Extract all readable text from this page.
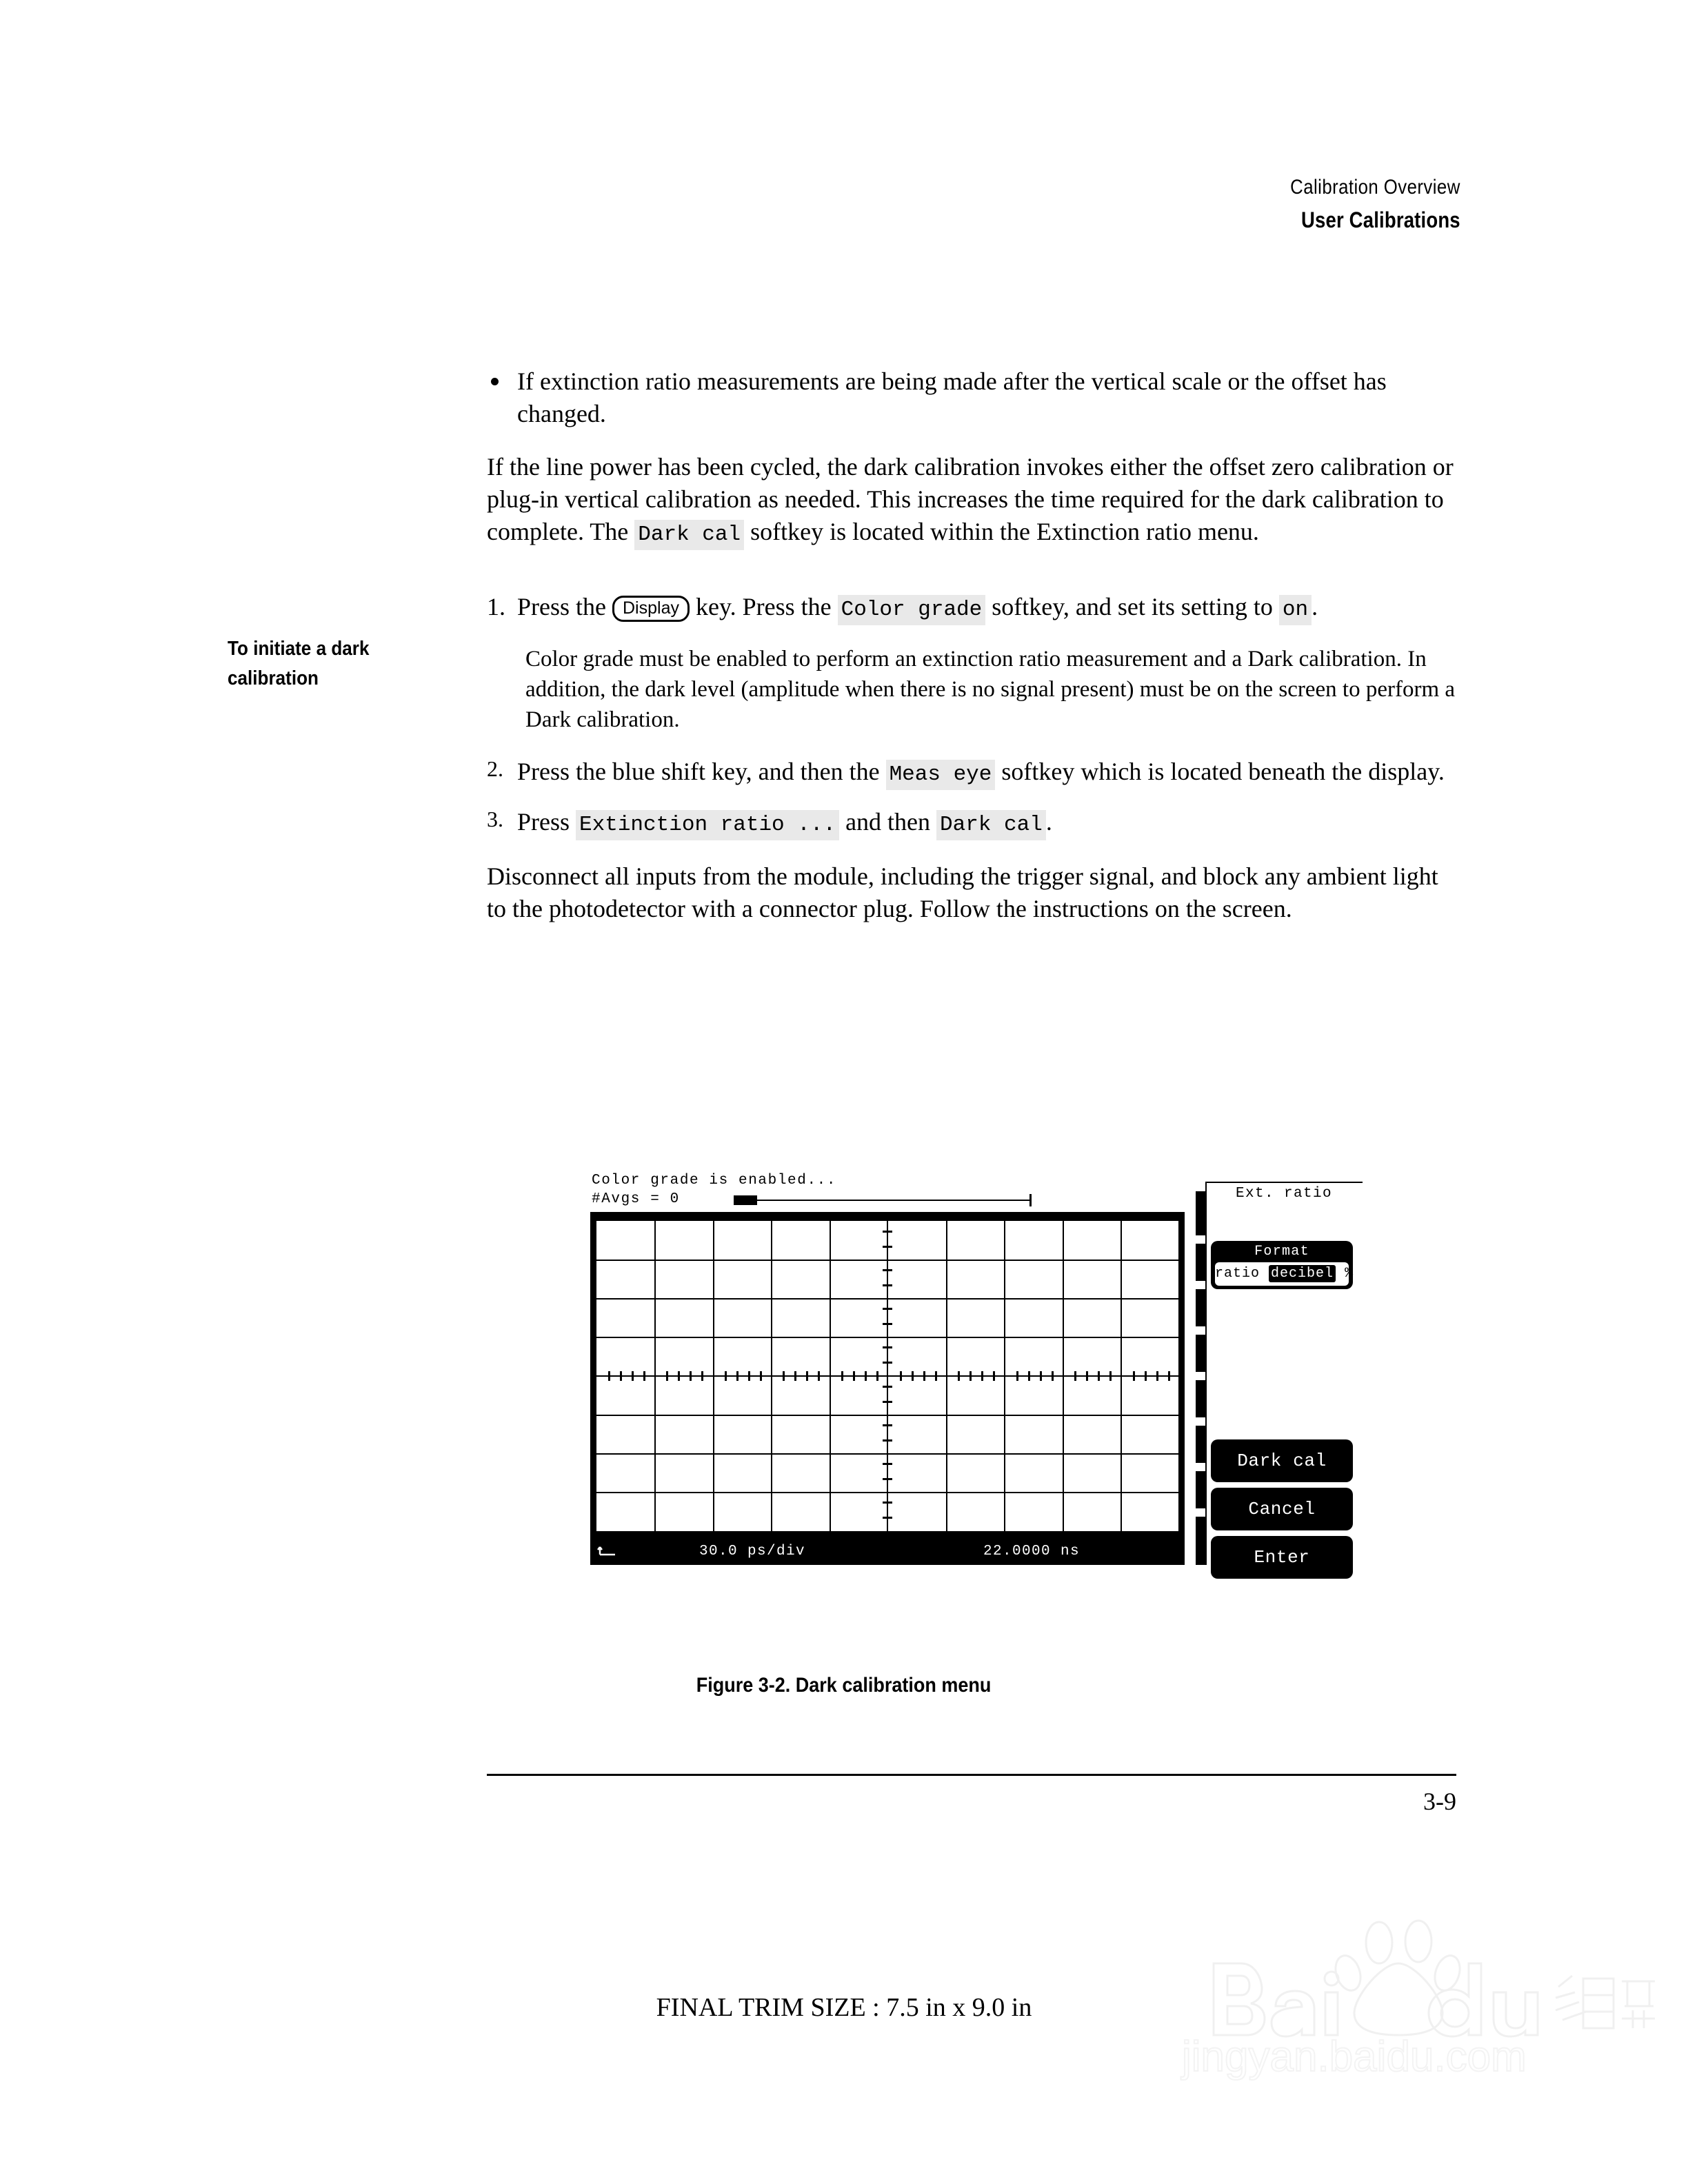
Calibration Overview
User Calibrations
To initiate a dark
calibration
If extinction ratio measurements are being made after the vertical scale or the offset has changed.

If the line power has been cycled, the dark calibration invokes either the offset zero calibration or plug-in vertical calibration as needed. This increases the time required for the dark calibration to complete. The Dark cal softkey is located within the Extinction ratio menu.

1. Press the Display key. Press the Color grade softkey, and set its setting to on .

Color grade must be enabled to perform an extinction ratio measurement and a Dark calibration. In addition, the dark level (amplitude when there is no signal present) must be on the screen to perform a Dark calibration.

2. Press the blue shift key, and then the Meas eye softkey which is located beneath the display.
3. Press Extinction ratio ... and then Dark cal .

Disconnect all inputs from the module, including the trigger signal, and block any ambient light to the photodetector with a connector plug. Follow the instructions on the screen.

Color grade is enabled...
#Avgs = 0
30.0 ps/div	22.0000 ns
Ext. ratio
Format
ratio decibel %
Dark cal
Cancel
Enter
Figure 3-2. Dark calibration menu
3-9
FINAL TRIM SIZE : 7.5 in x 9.0 in
jingyan.baidu.com
